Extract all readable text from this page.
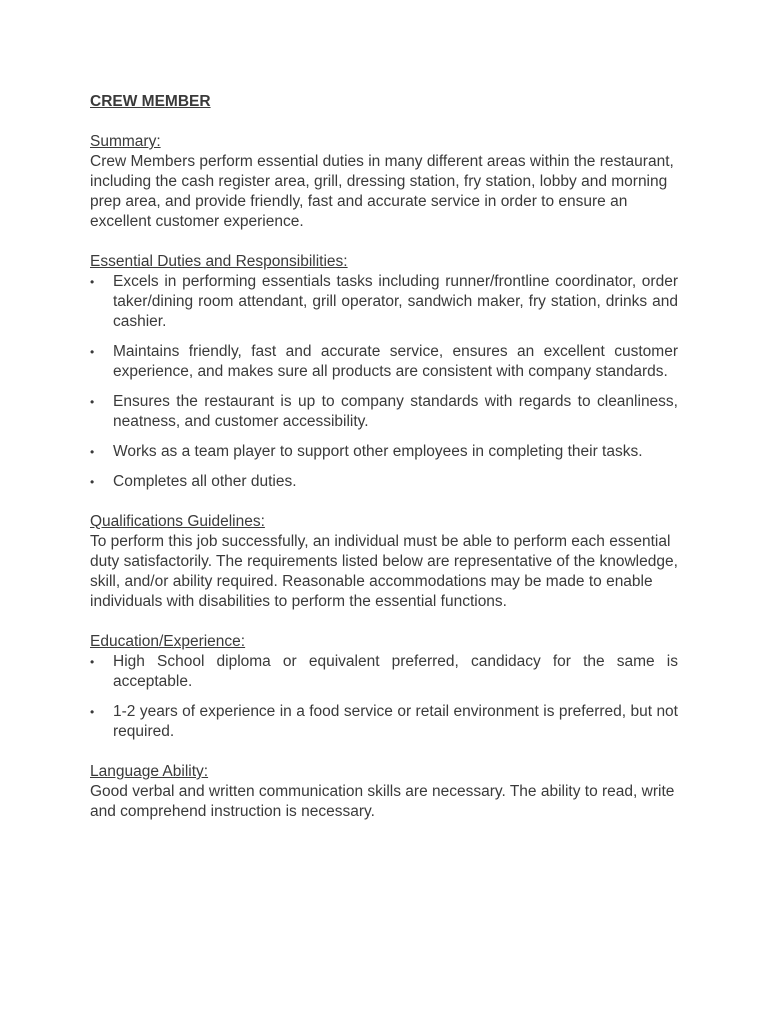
CREW MEMBER
Summary:

Crew Members perform essential duties in many different areas within the restaurant, including the cash register area, grill, dressing station, fry station, lobby and morning prep area, and provide friendly, fast and accurate service in order to ensure an excellent customer experience.

Essential Duties and Responsibilities:
•	Excels in performing essentials tasks including runner/frontline coordinator, order taker/dining room attendant, grill operator, sandwich maker, fry station, drinks and cashier.
•	Maintains friendly, fast and accurate service, ensures an excellent customer experience, and makes sure all products are consistent with company standards.
•	Ensures the restaurant is up to company standards with regards to cleanliness, neatness, and customer accessibility.
•	Works as a team player to support other employees in completing their tasks.
•	Completes all other duties.
Qualifications Guidelines:

To perform this job successfully, an individual must be able to perform each essential duty satisfactorily. The requirements listed below are representative of the knowledge, skill, and/or ability required. Reasonable accommodations may be made to enable individuals with disabilities to perform the essential functions.

Education/Experience:
•	High School diploma or equivalent preferred, candidacy for the same is acceptable.
•	1-2 years of experience in a food service or retail environment is preferred, but not required.
Language Ability:

Good verbal and written communication skills are necessary. The ability to read, write and comprehend instruction is necessary.
